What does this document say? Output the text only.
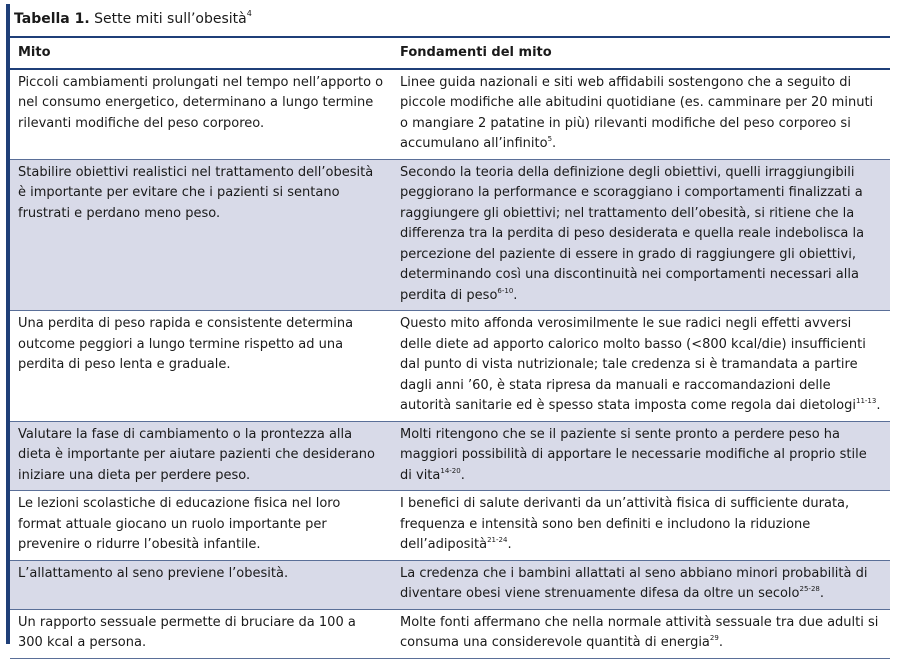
Tabella 1. Sette miti sull’obesità$^4$
Mito	Fondamenti del mito
Piccoli cambiamenti prolungati nel tempo nell’apporto o nel consumo energetico, determinano a lungo termine rilevanti modifiche del peso corporeo.	Linee guida nazionali e siti web affidabili sostengono che a seguito di piccole modifiche alle abitudini quotidiane (es. camminare per 20 minuti o mangiare 2 patatine in più) rilevanti modifiche del peso corporeo si accumulano all’infinito$^5$.
Stabilire obiettivi realistici nel trattamento dell’obesità è importante per evitare che i pazienti si sentano frustrati e perdano meno peso.	Secondo la teoria della definizione degli obiettivi, quelli irraggiungibili peggiorano la performance e scoraggiano i comportamenti finalizzati a raggiungere gli obiettivi; nel trattamento dell’obesità, si ritiene che la differenza tra la perdita di peso desiderata e quella reale indebolisca la percezione del paziente di essere in grado di raggiungere gli obiettivi, determinando così una discontinuità nei comportamenti necessari alla perdita di peso$^{6-10}$.
Una perdita di peso rapida e consistente determina outcome peggiori a lungo termine rispetto ad una perdita di peso lenta e graduale.	Questo mito affonda verosimilmente le sue radici negli effetti avversi delle diete ad apporto calorico molto basso (<800 kcal/die) insufficienti dal punto di vista nutrizionale; tale credenza si è tramandata a partire dagli anni ’60, è stata ripresa da manuali e raccomandazioni delle autorità sanitarie ed è spesso stata imposta come regola dai dietologi$^{11-13}$.
Valutare la fase di cambiamento o la prontezza alla dieta è importante per aiutare pazienti che desiderano iniziare una dieta per perdere peso.	Molti ritengono che se il paziente si sente pronto a perdere peso ha maggiori possibilità di apportare le necessarie modifiche al proprio stile di vita$^{14-20}$.
Le lezioni scolastiche di educazione fisica nel loro format attuale giocano un ruolo importante per prevenire o ridurre l’obesità infantile.	I benefici di salute derivanti da un’attività fisica di sufficiente durata, frequenza e intensità sono ben definiti e includono la riduzione dell’adiposità$^{21-24}$.
L’allattamento al seno previene l’obesità.	La credenza che i bambini allattati al seno abbiano minori probabilità di diventare obesi viene strenuamente difesa da oltre un secolo$^{25-28}$.
Un rapporto sessuale permette di bruciare da 100 a 300 kcal a persona.	Molte fonti affermano che nella normale attività sessuale tra due adulti si consuma una considerevole quantità di energia$^{29}$.
